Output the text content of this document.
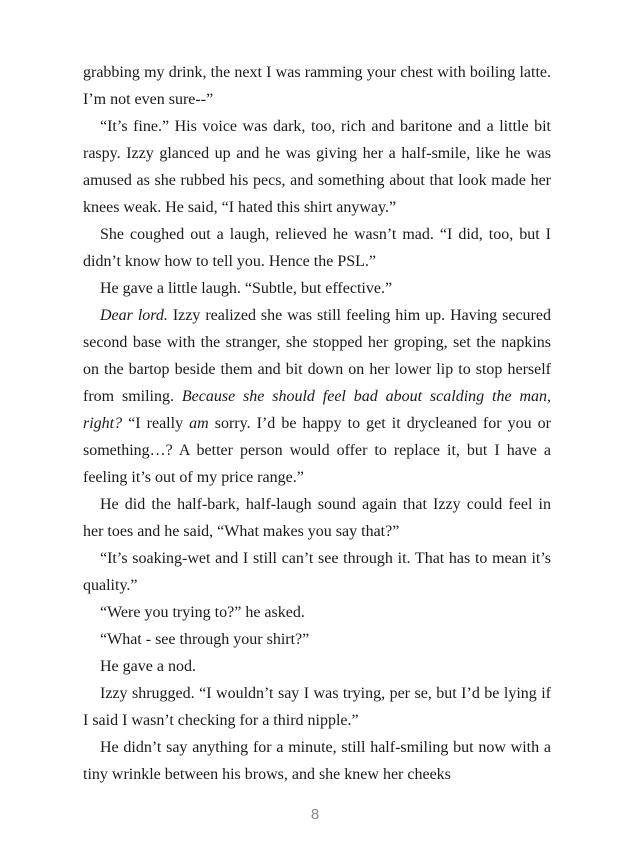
grabbing my drink, the next I was ramming your chest with boiling latte. I’m not even sure--”

“It’s fine.” His voice was dark, too, rich and baritone and a little bit raspy. Izzy glanced up and he was giving her a half-smile, like he was amused as she rubbed his pecs, and something about that look made her knees weak. He said, “I hated this shirt anyway.”

She coughed out a laugh, relieved he wasn’t mad. “I did, too, but I didn’t know how to tell you. Hence the PSL.”

He gave a little laugh. “Subtle, but effective.”

Dear lord. Izzy realized she was still feeling him up. Having secured second base with the stranger, she stopped her groping, set the napkins on the bartop beside them and bit down on her lower lip to stop herself from smiling. Because she should feel bad about scalding the man, right? “I really am sorry. I’d be happy to get it drycleaned for you or something…? A better person would offer to replace it, but I have a feeling it’s out of my price range.”

He did the half-bark, half-laugh sound again that Izzy could feel in her toes and he said, “What makes you say that?”

“It’s soaking-wet and I still can’t see through it. That has to mean it’s quality.”

“Were you trying to?” he asked.

“What - see through your shirt?”

He gave a nod.

Izzy shrugged. “I wouldn’t say I was trying, per se, but I’d be lying if I said I wasn’t checking for a third nipple.”

He didn’t say anything for a minute, still half-smiling but now with a tiny wrinkle between his brows, and she knew her cheeks

8
